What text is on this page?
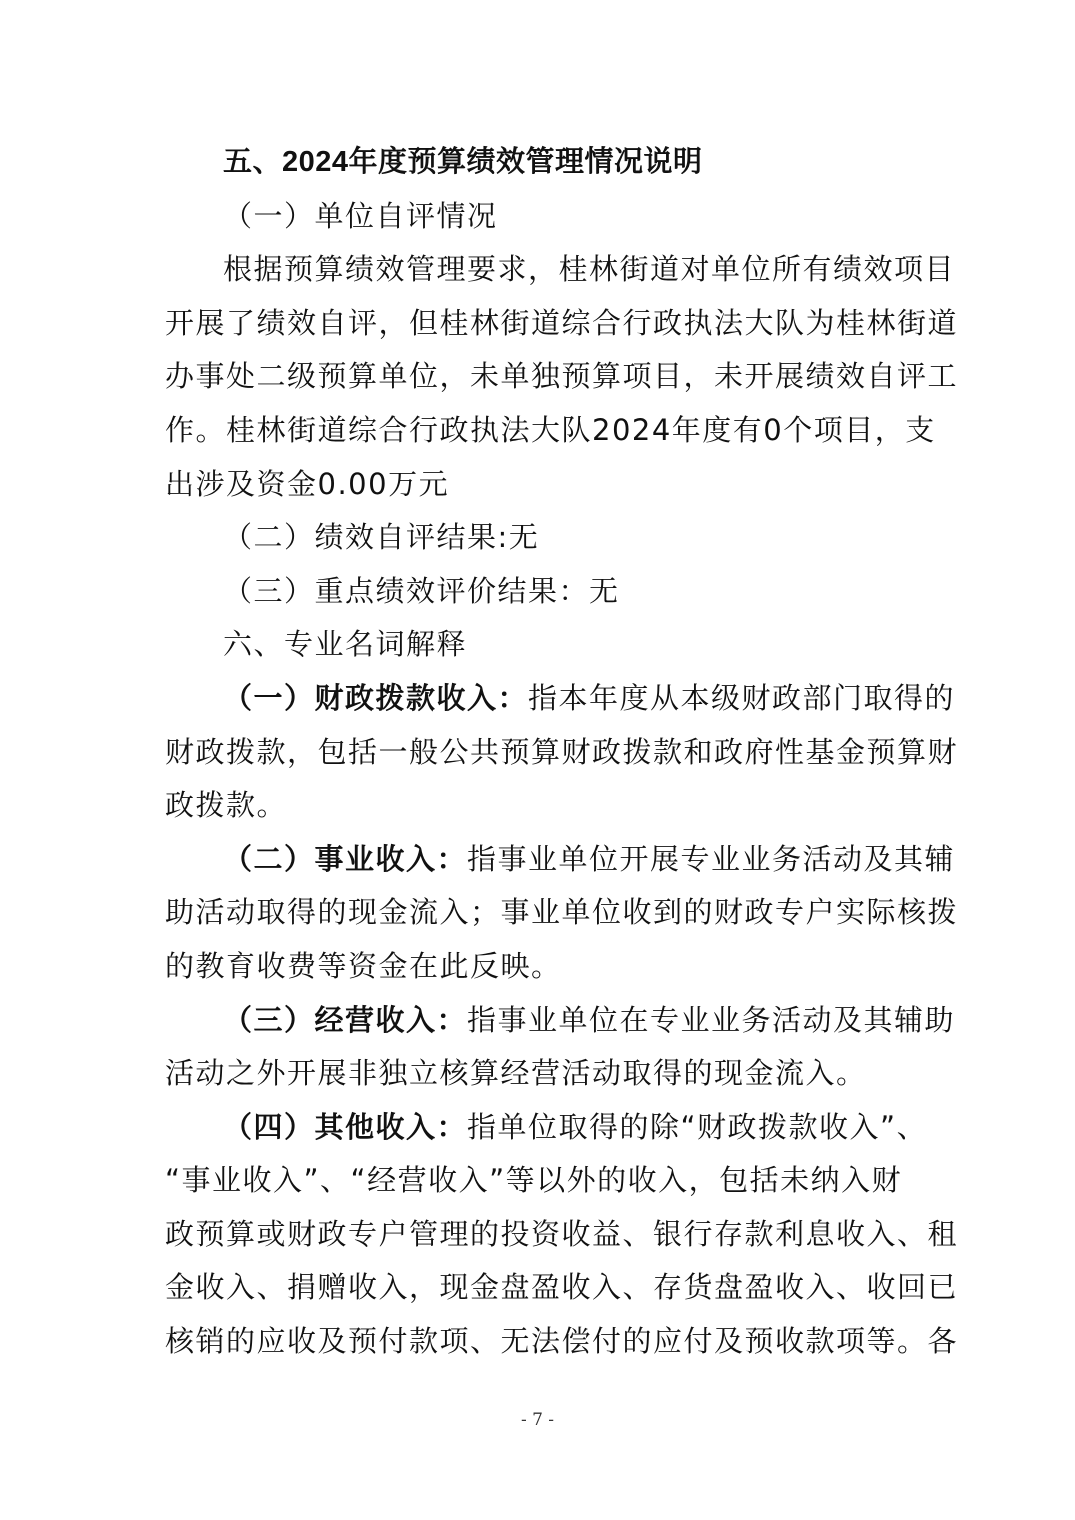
五、2024年度预算绩效管理情况说明
（一）单位自评情况
根据预算绩效管理要求，桂林街道对单位所有绩效项目
开展了绩效自评，但桂林街道综合行政执法大队为桂林街道
办事处二级预算单位，未单独预算项目，未开展绩效自评工
作。桂林街道综合行政执法大队2024年度有0个项目，支
出涉及资金0.00万元
（二）绩效自评结果:无
（三）重点绩效评价结果：无
六、专业名词解释
（一）财政拨款收入：指本年度从本级财政部门取得的
财政拨款，包括一般公共预算财政拨款和政府性基金预算财
政拨款。
（二）事业收入：指事业单位开展专业业务活动及其辅
助活动取得的现金流入；事业单位收到的财政专户实际核拨
的教育收费等资金在此反映。
（三）经营收入：指事业单位在专业业务活动及其辅助
活动之外开展非独立核算经营活动取得的现金流入。
（四）其他收入：指单位取得的除“财政拨款收入”、
“事业收入”、“经营收入”等以外的收入，包括未纳入财
政预算或财政专户管理的投资收益、银行存款利息收入、租
金收入、捐赠收入，现金盘盈收入、存货盘盈收入、收回已
核销的应收及预付款项、无法偿付的应付及预收款项等。各
- 7 -
